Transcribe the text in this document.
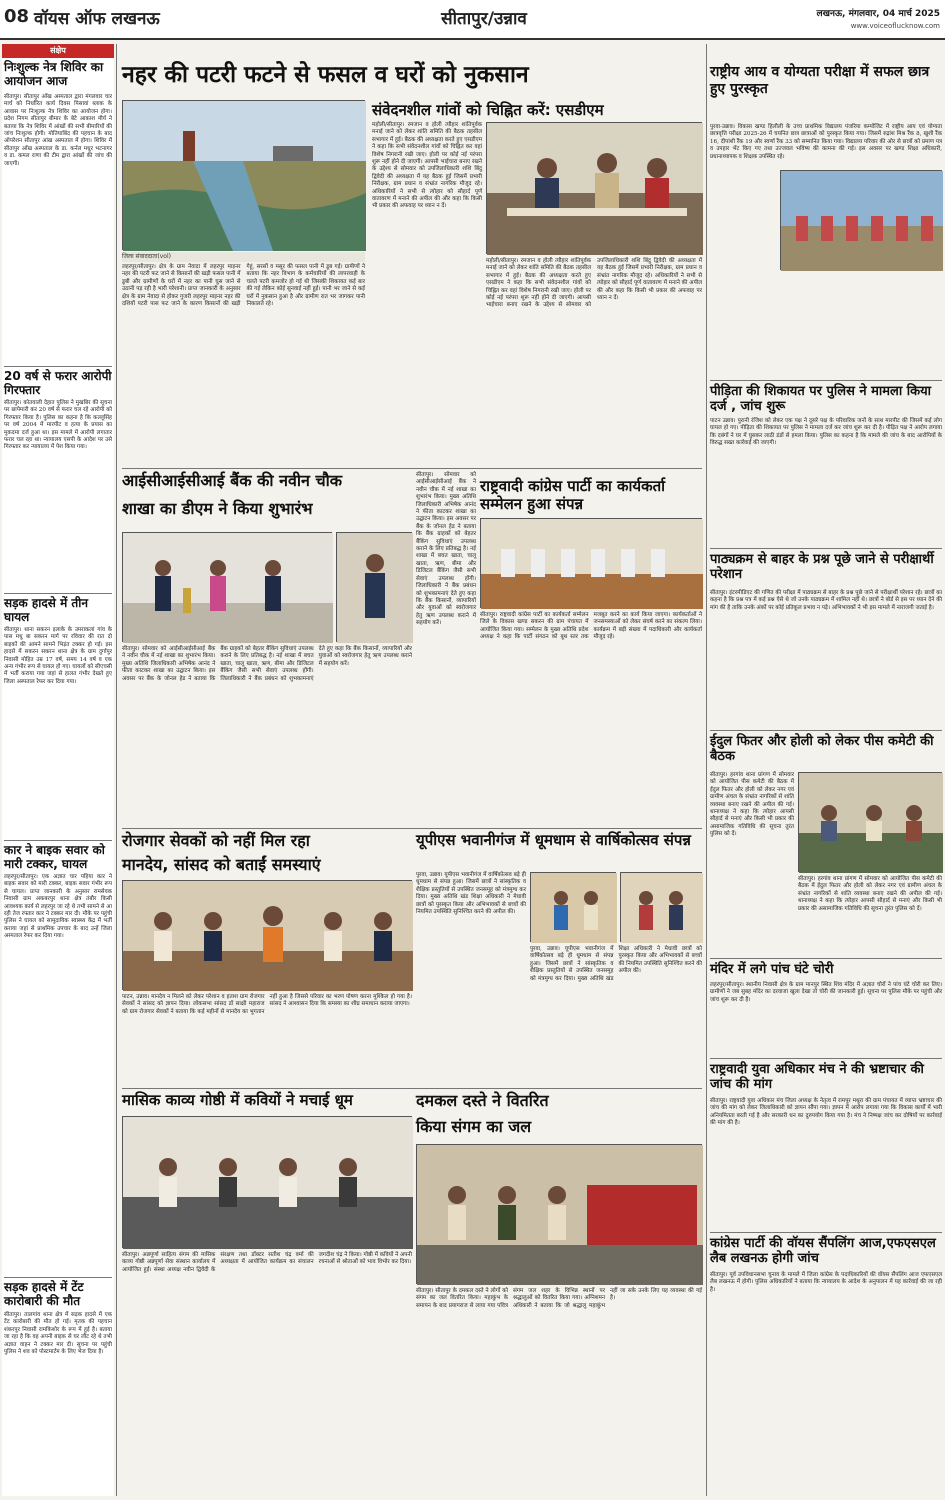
08 वॉयस ऑफ लखनऊ	सीतापुर/उन्नाव	लखनऊ, मंगलवार, 04 मार्च 2025
www.voiceoflucknow.com
संक्षेप
निःशुल्क नेत्र शिविर का आयोजन आज
सीतापुर। सीतापुर आँख अस्पताल द्वारा मंगलवार चार मार्च को निर्धारित कार्य दिवस पिसावां ब्लाक के आवास पर निःशुल्क नेत्र शिविर का आयोजन होगा। प्रदेश निगम सीतापुर बीमार के बेटे आकाश मौर्य ने बताया कि नेत्र शिविर में आंखों की सभी बीमारियों की जांच निःशुल्क होगी। मोतियाबिंद की पहचान के बाद ऑपरेशन सीतापुर आंख अस्पताल में होगा। शिविर में सीतापुर आँख अस्पताल के डा. कर्नल मधुर भटनागर व डा. कमल राणा की टीम द्वारा आंखों की जांच की जाएगी।
20 वर्ष से फरार आरोपी गिरफ्तार
सीतापुर। कोतवाली देहात पुलिस ने मुखबिर की सूचना पर छापेमारी कर 20 वर्ष से फरार चल रहे आरोपी को गिरफ्तार किया है। पुलिस का कहना है कि कल्लूसिंह पर वर्ष 2004 में मारपीट व हत्या के प्रयास का मुकदमा दर्ज हुआ था। इस मामले में आरोपी लगातार फरार चल रहा था। न्यायालय एसपी के आदेश पर उसे गिरफ्तार कर न्यायालय में पेश किया गया।
सड़क हादसे में तीन घायल
सीतापुर। थाना सकरन इलाके के उमराकलां गांव के पास मधु बा सकरन मार्ग पर रविवार की रात दो बाइकों की आमने सामने भिड़ंत टक्कर हो गई। इस हादसे में सकरन सकरन थाना क्षेत्र के ग्राम दुर्गापुर निवासी मोहित उम्र 17 वर्ष, समय 14 वर्ष व एक अन्य गंभीर रूप से घायल हो गए। घायलों को सीएचसी में भर्ती कराया गया जहां से हालत गंभीर देखते हुए जिला अस्पताल रेफर कर दिया गया।
कार ने बाइक सवार को मारी टक्कर, घायल
लहरपुर/सीतापुर। एक अज्ञात चार पहिया कार ने बाइक सवार को मारी टक्कर, बाइक सवार गंभीर रूप से घायल। प्राप्त जानकारी के अनुसार रामसेवक निवासी ग्राम अकबरपुर थाना क्षेत्र तंबौर किसी आवश्यक कार्य से लहरपुर जा रहे थे तभी सामने से आ रही तेज रफ्तार कार ने टक्कर मार दी। मौके पर पहुंची पुलिस ने घायल को सामुदायिक स्वास्थ्य केंद्र में भर्ती कराया जहां से प्राथमिक उपचार के बाद उन्हें जिला अस्पताल रेफर कर दिया गया।
सड़क हादसे में टेंट कारोबारी की मौत
सीतापुर। तालगांव थाना क्षेत्र में सड़क हादसे में एक टेंट कारोबारी की मौत हो गई। मृतक की पहचान शंकरपुर निवासी रामकिशोर के रूप में हुई है। बताया जा रहा है कि वह अपनी बाइक से घर लौट रहे थे तभी अज्ञात वाहन ने टक्कर मार दी। सूचना पर पहुंची पुलिस ने शव को पोस्टमार्टम के लिए भेज दिया है।
नहर की पटरी फटने से फसल व घरों को नुकसान
जिला संवाददाता(vol)
लहरपुर/सीतापुर। क्षेत्र के ग्राम नेवादा में लहरपुर माइनर नहर की पटरी फट जाने से किसानों की खड़ी फसल पानी में डूबी और ग्रामीणों के घरों में नहर का पानी घुस जाने से उठानी पड़ रही है भारी परेशानी। प्राप्त जानकारी के अनुसार क्षेत्र के ग्राम नेवादा से होकर गुजरी लहरपुर माइनर नहर की दशियों पटरी पास फट जाने के कारण किसानों की खड़ी गेहूं, सरसों व मसूर की फसल पानी में डूब गई। ग्रामीणों ने बताया कि नहर विभाग के कर्मचारियों की लापरवाही के चलते पटरी कमजोर हो गई थी जिसकी शिकायत कई बार की गई लेकिन कोई सुनवाई नहीं हुई। पानी भर जाने से कई घरों में नुकसान हुआ है और ग्रामीण रात भर जागकर पानी निकालते रहे।
संवेदनशील गांवों को चिह्नित करें: एसडीएम
महोली/सीतापुर। रमजान व होली त्यौहार शांतिपूर्वक मनाई जाने को लेकर शांति समिति की बैठक तहसील सभागार में हुई। बैठक की अध्यक्षता करते हुए एसडीएम ने कहा कि सभी संवेदनशील गांवों को चिह्नित कर वहां विशेष निगरानी रखी जाए। होली पर कोई नई परंपरा शुरू नहीं होने दी जाएगी। आपसी भाईचारा बनाए रखने के उद्देश्य से सोमवार को उपजिलाधिकारी शशि बिंदु द्विवेदी की अध्यक्षता में यह बैठक हुई जिसमें प्रभारी निरीक्षक, ग्राम प्रधान व संभ्रांत नागरिक मौजूद रहे। अधिकारियों ने सभी से त्योहार को सौहार्द पूर्ण वातावरण में मनाने की अपील की और कहा कि किसी भी प्रकार की अफवाह पर ध्यान न दें।
महोली/सीतापुर। रमजान व होली त्यौहार शांतिपूर्वक मनाई जाने को लेकर शांति समिति की बैठक तहसील सभागार में हुई। बैठक की अध्यक्षता करते हुए एसडीएम ने कहा कि सभी संवेदनशील गांवों को चिह्नित कर वहां विशेष निगरानी रखी जाए। होली पर कोई नई परंपरा शुरू नहीं होने दी जाएगी। आपसी भाईचारा बनाए रखने के उद्देश्य से सोमवार को उपजिलाधिकारी शशि बिंदु द्विवेदी की अध्यक्षता में यह बैठक हुई जिसमें प्रभारी निरीक्षक, ग्राम प्रधान व संभ्रांत नागरिक मौजूद रहे। अधिकारियों ने सभी से त्योहार को सौहार्द पूर्ण वातावरण में मनाने की अपील की और कहा कि किसी भी प्रकार की अफवाह पर ध्यान न दें।
राष्ट्रीय आय व योग्यता परीक्षा में सफल छात्र हुए पुरस्कृत
पुरवा-उन्नाव। विकास खण्ड हिलौली के उच्च प्राथमिक विद्यालय पंजरिया कम्पोजिट में राष्ट्रीय आय एवं योग्यता छात्रवृत्ति परीक्षा 2025-26 में चयनित छात्र छात्राओं को पुरस्कृत किया गया। जिसमें रुद्रांश मिश्र रैंक 8, खुशी रैंक 16, दीपांशी रैंक 19 और स्वर्णा रैंक 33 को सम्मानित किया गया। विद्यालय परिवार की ओर से छात्रों को प्रमाण पत्र व उपहार भेंट किए गए तथा उज्जवल भविष्य की कामना की गई। इस अवसर पर खण्ड शिक्षा अधिकारी, प्रधानाध्यापक व शिक्षक उपस्थित रहे।
पीड़िता की शिकायत पर पुलिस ने मामला किया दर्ज , जांच शुरू
पाटन उन्नाव। पुरानी रंजिश को लेकर एक पक्ष ने दूसरे पक्ष के परिवारिक जनों के साथ मारपीट की जिसमें कई लोग घायल हो गए। पीड़िता की शिकायत पर पुलिस ने मामला दर्ज कर जांच शुरू कर दी है। पीड़ित पक्ष ने आरोप लगाया कि दबंगों ने घर में घुसकर लाठी डंडों से हमला किया। पुलिस का कहना है कि मामले की जांच के बाद आरोपियों के विरुद्ध सख्त कार्रवाई की जाएगी।
पाठ्यक्रम से बाहर के प्रश्न पूछे जाने से परीक्षार्थी परेशान
सीतापुर। इंटरमीडिएट की गणित की परीक्षा में पाठ्यक्रम से बाहर के प्रश्न पूछे जाने से परीक्षार्थी परेशान रहे। छात्रों का कहना है कि प्रश्न पत्र में कई प्रश्न ऐसे थे जो उनके पाठ्यक्रम में शामिल नहीं थे। छात्रों ने बोर्ड से इस पर ध्यान देने की मांग की है ताकि उनके अंकों पर कोई प्रतिकूल प्रभाव न पड़े। अभिभावकों ने भी इस मामले में नाराजगी जताई है।
ईदुल फितर और होली को लेकर पीस कमेटी की बैठक
सीतापुर। हरगांव थाना प्रांगण में सोमवार को आयोजित पीस कमेटी की बैठक में ईदुल फितर और होली को लेकर नगर एवं ग्रामीण अंचल के संभ्रांत नागरिकों से शांति व्यवस्था बनाए रखने की अपील की गई। थानाध्यक्ष ने कहा कि त्योहार आपसी सौहार्द से मनाएं और किसी भी प्रकार की असामाजिक गतिविधि की सूचना तुरंत पुलिस को दें।
सीतापुर। हरगांव थाना प्रांगण में सोमवार को आयोजित पीस कमेटी की बैठक में ईदुल फितर और होली को लेकर नगर एवं ग्रामीण अंचल के संभ्रांत नागरिकों से शांति व्यवस्था बनाए रखने की अपील की गई। थानाध्यक्ष ने कहा कि त्योहार आपसी सौहार्द से मनाएं और किसी भी प्रकार की असामाजिक गतिविधि की सूचना तुरंत पुलिस को दें।
मंदिर में लगे पांच घंटे चोरी
लहरपुर/सीतापुर। स्थानीय निवासी क्षेत्र के ग्राम मानपुर स्थित शिव मंदिर में अज्ञात चोरों ने पांच घंटे चोरी कर लिए। ग्रामीणों ने जब सुबह मंदिर का दरवाजा खुला देखा तो चोरी की जानकारी हुई। सूचना पर पुलिस मौके पर पहुंची और जांच शुरू कर दी है।
राष्ट्रवादी युवा अधिकार मंच ने की भ्रष्टाचार की जांच की मांग
सीतापुर। राष्ट्रवादी युवा अधिकार मंच जिला अध्यक्ष के नेतृत्व में रामपुर मथुरा की ग्राम पंचायत में व्याप्त भ्रष्टाचार की जांच की मांग को लेकर जिलाधिकारी को ज्ञापन सौंपा गया। ज्ञापन में आरोप लगाया गया कि विकास कार्यों में भारी अनियमितता बरती गई है और सरकारी धन का दुरुपयोग किया गया है। मंच ने निष्पक्ष जांच कर दोषियों पर कार्रवाई की मांग की है।
कांग्रेस पार्टी की वॉयस सैंपलिंग आज,एफएसएल लैब लखनऊ होगी जांच
सीतापुर। पूर्व उपविधानसभा चुनाव के मामले में जिला कांग्रेस के पदाधिकारियों की वॉयस सैंपलिंग आज एफएसएल लैब लखनऊ में होगी। पुलिस अधिकारियों ने बताया कि न्यायालय के आदेश के अनुपालन में यह कार्रवाई की जा रही है।
आईसीआईसीआई बैंक की नवीन चौक
शाखा का डीएम ने किया शुभारंभ
सीतापुर। सोमवार को आईसीआईसीआई बैंक ने नवीन चौक में नई शाखा का शुभारंभ किया। मुख्य अतिथि जिलाधिकारी अभिषेक आनंद ने फीता काटकर शाखा का उद्घाटन किया। इस अवसर पर बैंक के जोनल हेड ने बताया कि बैंक ग्राहकों को बेहतर बैंकिंग सुविधाएं उपलब्ध कराने के लिए प्रतिबद्ध है। नई शाखा में बचत खाता, चालू खाता, ऋण, बीमा और डिजिटल बैंकिंग जैसी सभी सेवाएं उपलब्ध होंगी। जिलाधिकारी ने बैंक प्रबंधन को शुभकामनाएं देते हुए कहा कि बैंक किसानों, व्यापारियों और युवाओं को स्वरोजगार हेतु ऋण उपलब्ध कराने में सहयोग करें।
सीतापुर। सोमवार को आईसीआईसीआई बैंक ने नवीन चौक में नई शाखा का शुभारंभ किया। मुख्य अतिथि जिलाधिकारी अभिषेक आनंद ने फीता काटकर शाखा का उद्घाटन किया। इस अवसर पर बैंक के जोनल हेड ने बताया कि बैंक ग्राहकों को बेहतर बैंकिंग सुविधाएं उपलब्ध कराने के लिए प्रतिबद्ध है। नई शाखा में बचत खाता, चालू खाता, ऋण, बीमा और डिजिटल बैंकिंग जैसी सभी सेवाएं उपलब्ध होंगी। जिलाधिकारी ने बैंक प्रबंधन को शुभकामनाएं देते हुए कहा कि बैंक किसानों, व्यापारियों और युवाओं को स्वरोजगार हेतु ऋण उपलब्ध कराने में सहयोग करें।
राष्ट्रवादी कांग्रेस पार्टी का कार्यकर्ता सम्मेलन हुआ संपन्न
सीतापुर। राष्ट्रवादी कांग्रेस पार्टी का कार्यकर्ता सम्मेलन जिले के विकास खण्ड सकरन की ग्राम पंचायत में आयोजित किया गया। सम्मेलन के मुख्य अतिथि प्रदेश अध्यक्ष ने कहा कि पार्टी संगठन को बूथ स्तर तक मजबूत करने का कार्य किया जाएगा। कार्यकर्ताओं ने जनसमस्याओं को लेकर संघर्ष करने का संकल्प लिया। कार्यक्रम में बड़ी संख्या में पदाधिकारी और कार्यकर्ता मौजूद रहे।
रोजगार सेवकों को नहीं मिल रहा
मानदेय, सांसद को बताईं समस्याएं
पाटन, उन्नाव। मानदेय न मिलने को लेकर परेशान व हताश ग्राम रोजगार सेवकों ने सांसद को ज्ञापन दिया। लोकसभा सांसद डॉ साक्षी महाराज को ग्राम रोजगार सेवकों ने बताया कि कई महीनों से मानदेय का भुगतान नहीं हुआ है जिससे परिवार का भरण पोषण करना मुश्किल हो गया है। सांसद ने आश्वासन दिया कि समस्या का शीघ्र समाधान कराया जाएगा।
यूपीएस भवानीगंज में धूमधाम से वार्षिकोत्सव संपन्न
पुरवा, उन्नाव। यूपीएस भवानीगंज में वार्षिकोत्सव बड़े ही धूमधाम से संपन्न हुआ। जिसमें छात्रों ने सांस्कृतिक व शैक्षिक प्रस्तुतियों से उपस्थित जनसमूह को मंत्रमुग्ध कर दिया। मुख्य अतिथि खंड शिक्षा अधिकारी ने मेधावी छात्रों को पुरस्कृत किया और अभिभावकों से बच्चों की नियमित उपस्थिति सुनिश्चित करने की अपील की।
पुरवा, उन्नाव। यूपीएस भवानीगंज में वार्षिकोत्सव बड़े ही धूमधाम से संपन्न हुआ। जिसमें छात्रों ने सांस्कृतिक व शैक्षिक प्रस्तुतियों से उपस्थित जनसमूह को मंत्रमुग्ध कर दिया। मुख्य अतिथि खंड शिक्षा अधिकारी ने मेधावी छात्रों को पुरस्कृत किया और अभिभावकों से बच्चों की नियमित उपस्थिति सुनिश्चित करने की अपील की।
मासिक काव्य गोष्ठी में कवियों ने मचाई धूम
सीतापुर। अन्नपूर्णा साहित्य संगम की मासिक काव्य गोष्ठी अन्नपूर्णा सेवा संस्थान कार्यालय में आयोजित हुई। संस्था अध्यक्ष नवीन द्विवेदी के संरक्षण तथा डॉक्टर सतीश चंद्र वर्मा की अध्यक्षता में आयोजित कार्यक्रम का संचालन जगदीश चंद्र ने किया। गोष्ठी में कवियों ने अपनी रचनाओं से श्रोताओं को भाव विभोर कर दिया।
दमकल दस्ते ने वितरित
किया संगम का जल
सीतापुर। सीतापुर के दमकल दस्ते ने लोगों को संगम का जल वितरित किया। महाकुंभ के समापन के बाद प्रयागराज से लाया गया पवित्र संगम जल शहर के विभिन्न स्थानों पर श्रद्धालुओं को वितरित किया गया। अग्निशमन अधिकारी ने बताया कि जो श्रद्धालु महाकुंभ नहीं जा सके उनके लिए यह व्यवस्था की गई है।
